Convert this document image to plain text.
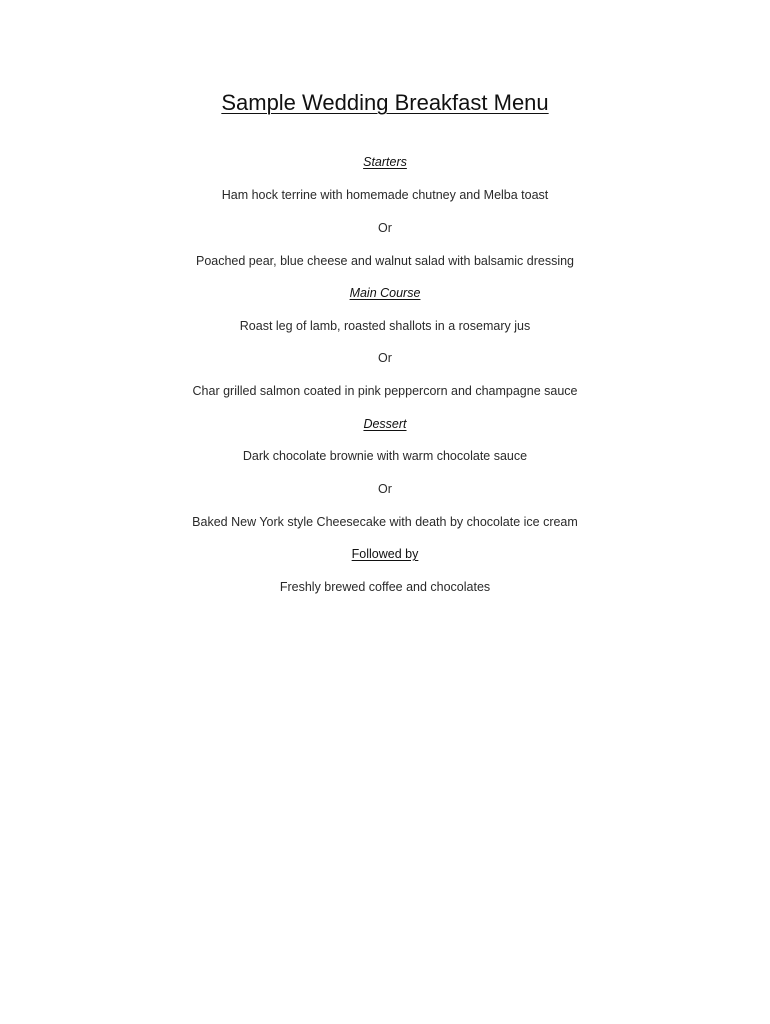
Sample Wedding Breakfast Menu
Starters
Ham hock terrine with homemade chutney and Melba toast
Or
Poached pear, blue cheese and walnut salad with balsamic dressing
Main Course
Roast leg of lamb, roasted shallots in a rosemary jus
Or
Char grilled salmon coated in pink peppercorn and champagne sauce
Dessert
Dark chocolate brownie with warm chocolate sauce
Or
Baked New York style Cheesecake with death by chocolate ice cream
Followed by
Freshly brewed coffee and chocolates
